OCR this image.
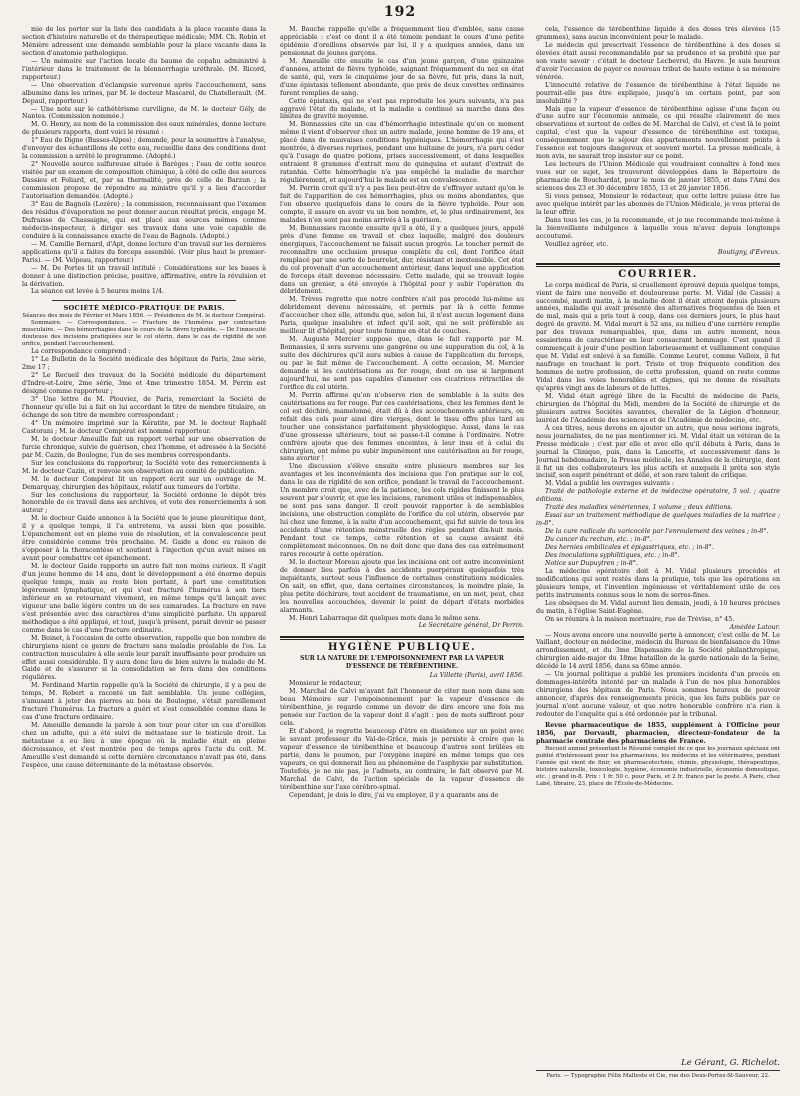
192

mie de les porter sur la liste des candidats à la place vacante dans la section d'histoire naturelle et de thérapeutique médicale; MM. Ch. Robin et Ménière adressent une demande semblable pour la place vacante dans la section d'anatomie pathologique.

— Un mémoire sur l'action locale du baume de copahu administré à l'intérieur dans le traitement de la blennorrhagie uréthrale. (M. Ricord, rapporteur.)

— Une observation d'éclampsie survenue après l'accouchement, sans albumine dans les urines, par M. le docteur Mascarel, de Chatellerault. (M. Depaul, rapporteur.)

— Une note sur le cathétérisme curviligne, de M. le docteur Gély, de Nantes. (Commission nommée.)

M. O. Henry, au nom de la commission des eaux minérales, donne lecture de plusieurs rapports, dont voici le résumé :

1° Eau de Digne (Basses-Alpes) ; demande, pour la soumettre à l'analyse, d'envoyer des échantillons de cette eau, recueillie dans des conditions dont la commission a arrêté le programme. (Adopté.)

2° Nouvelle source sulfureuse située à Barèges ; l'eau de cette source visitée par un examen de composition chimique, à côté de celle des sources Dassieu et Foliard, et, par sa thermalité, près de celle de Barzun ; la commission propose de répondre au ministre qu'il y a lieu d'accorder l'autorisation demandée. (Adopté.)

3° Eau de Bagnols (Lozère) ; la commission, reconnaissant que l'examen des résidus d'évaporation ne peut donner aucun résultat précis, engage M. Dufraisse de Chassaigne, qui est placé aux sources mêmes comme médecin-inspecteur, à diriger ses travaux dans une voie capable de conduire à la connaissance exacte de l'eau de Bagnols. (Adopté.)

— M. Camille Bernard, d'Apt, donne lecture d'un travail sur les dernières applications qu'il a faites du forceps assemblé. (Voir plus haut le premier-Paris). — (M. Velpeau, rapporteur.)

— M. De Portes lit un travail intitulé : Considérations sur les bases à donner à une distinction précise, positive, affirmative, entre la révulsion et la dérivation.

La séance est levée à 5 heures moins 1/4.

SOCIÉTÉ MÉDICO-PRATIQUE DE PARIS.

Séances des mois de Février et Mars 1856. — Présidence de M. le docteur Compérat.

Sommaire. — Correspondance. — Fracture de l'humérus par contraction musculaire. — Des hémorrhagies dans le cours de la fièvre typhoïde. — De l'innocuité douteuse des incisions pratiquées sur le col utérin, dans le cas de rigidité de son orifice, pendant l'accouchement.

La correspondance comprend :

1° Le Bulletin de la Société médicale des hôpitaux de Paris, 2me série, 2me 17 ;

2° Le Recueil des travaux de la Société médicale du département d'Indre-et-Loire, 2me série, 3me et 4me trimestre 1854. M. Perrin est désigné comme rapporteur ;

3° Une lettre de M. Plouviez, de Paris, remerciant la Société de l'honneur qu'elle lui a fait en lui accordant le titre de membre titulaire, en échange de son titre de membre correspondant ;

4° Un mémoire imprimé sur la Kératite, par M. le docteur Raphaël Castorani ; M. le docteur Compérat est nommé rapporteur.

M. le docteur Ameuille fait un rapport verbal sur une observation de furcie chronique, suivie de guérison, chez l'homme, et adressée à la Société par M. Cazin, de Boulogne, l'un de ses membres correspondants.

Sur les conclusions du rapporteur, la Société vote des remerciements à M. le docteur Cazin, et renvoie son observation au comité de publication.

M. le docteur Compérat lit un rapport écrit sur un ouvrage de M. Demarquay, chirurgien des hôpitaux, relatif aux tumeurs de l'orbite.

Sur les conclusions du rapporteur, la Société ordonne le dépôt très honorable de ce travail dans ses archives, et vote des remerciements à son auteur ;

M. le docteur Gaide annonce à la Société que le jeune pleurétique dont, il y a quelque temps, il l'a entretenu, va aussi bien que possible. L'épanchement est en pleine voie de résolution, et la convalescence peut être considérée comme très prochaine. M. Gaide a donc eu raison de s'opposer à la thoracentèse et soutient à l'injection qu'un avait mises en avant pour combattre cet épanchement.

M. le docteur Gaide rapporte un autre fait non moins curieux. Il s'agit d'un jeune homme de 14 ans, dont le développement a été énorme depuis quelque temps, mais au reste bien portant, à part une constitution légèrement lymphatique, et qui s'est fracturé l'humérus à son tiers inférieur en se retournant vivement, en même temps qu'il lançait avec vigueur une balle légère contre un de ses camarades. La fracture en rave s'est présentée avec des caractères d'une simplicité parfaite. Un appareil méthodique a été appliqué, et tout, jusqu'à présent, parait devoir se passer comme dans le cas d'une fracture ordinaire.

M. Boinet, à l'occasion de cette observation, rappelle que bon nombre de chirurgiens nient ce genre de fracture sans maladie préalable de l'os. La contraction musculaire à elle seule leur paraît insuffisante pour produire un effet aussi considérable. Il y aura donc lieu de bien suivre le malade de M. Gaide et de s'assurer si la consolidation se fera dans des conditions régulières.

M. Ferdinand Martin rappelle qu'à la Société de chirurgie, il y a peu de temps, M. Robert a raconté un fait semblable. Un jeune collégien, s'amusant à jeter des pierres au bois de Boulogne, s'était pareillement fracturé l'humérus. La fracture a guéri et s'est consolidée comme dans le cas d'une fracture ordinaire.

M. Ameuille demande la parole à son tour pour citer un cas d'oreillon chez un adulte, qui a été suivi de métastase sur le testicule droit. La métastase a eu lieu à une époque où la maladie était en pleine décroissance, et s'est montrée peu de temps après l'acte du coït. M. Ameuille s'est demandé si cette dernière circonstance n'avait pas été, dans l'espèce, une cause déterminante de la métastase observée.

M. Bauche rappelle qu'elle a fréquemment lieu d'emblée, sans cause appréciable : c'est ce dont il a été témoin pendant le cours d'une petite épidémie d'oreillons observée par lui, il y a quelques années, dans un pensionnat de jeunes garçons.

M. Ameuille cite ensuite le cas d'un jeune garçon, d'une quinzaine d'années, atteint de fièvre typhoïde, saignant fréquemment du nez en état de santé, qui, vers le cinquième jour de sa fièvre, fut pris, dans la nuit, d'une épistaxis tellement abondante, que près de deux cuvettes ordinaires furent remplies de sang.

Cette épistaxis, qui ne s'est pas reproduite les jours suivants, n'a pas aggravé l'état du malade, et la maladie a continué sa marche dans des limites de gravité moyenne.

M. Bonnassies cite un cas d'hémorrhagie intestinale qu'en ce moment même il vient d'observer chez un autre malade, jeune homme de 19 ans, et placé dans de mauvaises conditions hygiéniques. L'hémorrhagie qui s'est montrée, à diverses reprises, pendant une huitaine de jours, n'a paru céder qu'à l'usage de quatre potions, prises successivement, et dans lesquelles entraient 8 grammes d'extrait mou de quinquina et autant d'extrait de ratanhia. Cette hémorrhagie n'a pas empêché la maladie de marcher régulièrement, et aujourd'hui le malade est en convalescence.

M. Perrin croit qu'il n'y a pas lieu peut-être de s'effrayer autant qu'on le fait de l'apparition de ces hémorrhagies, plus ou moins abondantes, que l'on observe quelquefois dans le cours de la fièvre typhoïde. Pour son compte, il assure en avoir vu un bon nombre, et, le plus ordinairement, les malades n'en sont pas moins arrivés à la guérison.

M. Bonnassies raconte ensuite qu'il a été, il y a quelques jours, appelé près d'une femme en travail et chez laquelle, malgré des douleurs énergiques, l'accouchement ne faisait aucun progrès. Le toucher permit de reconnaître une occlusion presque complète du col, dont l'orifice était remplacé par une sorte de bourrelet, dur, résistant et inextensible. Cet état du col provenait d'un accouchement antérieur, dans lequel une application de forceps était devenue nécessaire. Cette malade, qui se trouvait logée dans un grenier, a été envoyée à l'hôpital pour y subir l'opération du débridement.

M. Trèves regrette que notre confrère n'ait pas procédé lui-même au débridement devenu nécessaire, et permis par là à cette femme d'accoucher chez elle, attendu que, selon lui, il n'est aucun logement dans Paris, quelque insalubre et infect qu'il soit, qui ne soit préférable au meilleur lit d'hôpital, pour toute femme en état de couches.

M. Auguste Mercier suppose que, dans le fait rapporté par M. Bonnassies, il sera survenu une gangrène ou une suppuration du col, à la suite des déchirures qu'il aura subies à cause de l'application du forceps, ou par le fait même de l'accouchement. À cette occasion, M. Mercier demande si les cautérisations au fer rouge, dont on use si largement aujourd'hui, ne sont pas capables d'amener ces cicatrices rétractiles de l'orifice du col utérin.

M. Perrin affirme qu'on n'observe rien de semblable à la suite des cautérisations au fer rouge. Par ces cautérisations, chez les femmes dont le col est déchiré, mamelonné, était dû à des accouchements antérieurs, on refait des cols pour ainsi dire vierges, dont le tissu offre plus tard au toucher une consistance parfaitement physiologique. Aussi, dans le cas d'une grossesse ultérieure, tout se passe-t-il comme à l'ordinaire. Notre confrère ajoute que des femmes enceintes, à leur insu et à celui du chirurgien, ont même pu subir impunément une cautérisation au fer rouge, sans avorter !

Une discussion s'élève ensuite entre plusieurs membres sur les avantages et les inconvénients des incisions que l'on pratique sur le col, dans le cas de rigidité de son orifice, pendant le travail de l'accouchement. Un membre croit que, avec de la patience, les cols rigides finissent le plus souvent par s'ouvrir, et que les incisions, rarement utiles et indispensables, ne sont pas sans danger. Il croit pouvoir rapporter à de semblables incisions, une obstruction complète de l'orifice du col utérin, observée par lui chez une femme, à la suite d'un accouchement, qui fut suivie de tous les accidents d'une rétention ménstruelle des règles pendant dix-huit mois. Pendant tout ce temps, cette rétention et sa cause avaient été complètement méconnues. On ne doit donc que dans des cas extrêmement rares recourir à cette opération.

M. le docteur Moreau ajoute que les incisions ont cet autre inconvénient de donner lieu parfois à des accidents puerpéraux quelquefois très inquiétants, surtout sous l'influence de certaines constitutions médicales. On sait, en effet, que, dans certaines circonstances, la moindre plaie, la plus petite déchirure, tout accident de traumatisme, en un mot, peut, chez les nouvelles accouchées, devenir le point de départ d'états morbides alarmants.

M. Henri Labarraque dit quelques mots dans le même sens.

Le Secrétaire général, Dr Perrin.

HYGIÈNE PUBLIQUE.
SUR LA NATURE DE L'EMPOISONNEMENT PAR LA VAPEUR D'ESSENCE DE TÉRÉBENTHINE.

La Villette (Paris), avril 1856.

Monsieur le rédacteur,

M. Marchal de Calvi m'ayant fait l'honneur de citer mon nom dans son beau Mémoire sur l'empoisonnement par la vapeur d'essence de térébenthine, je regarde comme un devoir de dire encore une fois ma pensée sur l'action de la vapeur dont il s'agit : peu de mots suffiront pour cela.

Et d'abord, je regrette beaucoup d'être en dissidence sur un point avec le savant professeur du Val-de-Grâce, mais je persiste à croire que la vapeur d'essence de térébenthine et beaucoup d'autres sont brûlées en partie, dans le poumon, par l'oxygène inspiré en même temps que ces vapeurs, ce qui donnerait lieu au phénomène de l'asphyxie par substitution. Toutefois, je ne nie pas, je l'admets, au contraire, le fait observé par M. Marchal de Calvi, de l'action spéciale de la vapeur d'essence de térébenthine sur l'axe cérébro-spinal.

Cependant, je dois le dire, j'ai vu employer, il y a quarante ans de

cela, l'essence de térébenthine liquide à des doses très élevées (15 grammes), sans aucun inconvénient pour le malade.

Le médecin qui prescrivait l'essence de térébenthine à des doses si élevées était aussi recommandable par sa prudence et sa probité que par son vaste savoir : c'était le docteur Lecbevrel, du Havre. Je suis heureux d'avoir l'occasion de payer ce nouveau tribut de haute estime à sa mémoire vénérée.

L'innocuité relative de l'essence de térébenthine à l'état liquide ne pourrait-elle pas être expliquée, jusqu'à un certain point, par son insolubilité ?

Mais que la vapeur d'essence de térébenthine agisse d'une façon ou d'une autre sur l'économie animale, ce qui résulte clairement de mes observations et surtout de celles de M. Marchal de Calvi, et c'est là le point capital, c'est que la vapeur d'essence de térébenthine est toxique, conséquemment que le séjour des appartements nouvellement peints à l'essence est toujours dangereux et souvent mortel. La presse médicale, à mon avis, ne saurait trop insister sur ce point.

Les lecteurs de l'Union Médicale qui voudraient connaître à fond mes vues sur ce sujet, les trouveront développées dans le Répertoire de pharmacie de Bouchardat, pour le mois de janvier 1855, et dans l'Ami des sciences des 23 et 30 décembre 1855, 13 et 20 janvier 1856.

Si vous pensez, Monsieur le rédacteur, que cette lettre puisse être lue avec quelque intérêt par les abonnés de l'Union Médicale, je vous prierai de la leur offrir.

Dans tous les cas, je la recommande, et je me recommande moi-même à la bienveillante indulgence à laquelle vous m'avez depuis longtemps accoutumé.

Veuillez agréer, etc.

Boutigny, d'Evreux.

COURRIER.

Le corps médical de Paris, si cruellement éprouvé depuis quelque temps, vient de faire une nouvelle et douloureuse perte. M. Vidal (de Cassis) a succombé, mardi matin, à la maladie dont il était atteint depuis plusieurs années, maladie qui avait présenté des alternatives fréquentes de bien et de mal, mais qui a pris tout à coup, dans ces derniers jours, le plus haut degré de gravité. M. Vidal meurt à 52 ans, au milieu d'une carrière remplie par des travaux remarquables, que, dans un autre moment, nous essaierions de caractériser en leur consacrant hommage. C'est quand il commençait à jouir d'une position laborieusement et vaillamment conquise que M. Vidal est enlevé à sa famille. Comme Leuret, comme Valleix, il fut naufrage en touchant le port. Triste et trop fréquente condition des hommes de notre profession, de cette profession, quand on reste comme Vidal dans les voies honorables et dignes, qui ne donne de résultats qu'après vingt ans de labeurs et de luttes.

M. Vidal était agrégé libre de la Faculté de médecine de Paris, chirurgien de l'hôpital du Midi, membre de la Société de chirurgie et de plusieurs autres Sociétés savantes, chevalier de la Légion d'honneur, lauréat de l'Académie des sciences et de l'Académie de médecine, etc.

À ces titres, nous devons en ajouter un autre, que nous serions ingrats, nous journalistes, de ne pas mentionner ici. M. Vidal était un vétéran de la Presse médicale ; c'est par elle et avec elle qu'il débuta à Paris, dans le journal la Clinique, puis, dans la Lancette, et successivement dans le Journal hebdomadaire, la Presse médicale, les Annales de la chirurgie, dont il fut un des collaborateurs les plus actifs et auxquels il prêta son style incisif, son esprit pénétrant et délié, et son rare talent de critique.

M. Vidal a publié les ouvrages suivants :

Traité de pathologie externe et de médecine opératoire, 5 vol. ; quatre éditions.

Traité des maladies vénériennes, 1 volume ; deux éditions.

Essai sur un traitement méthodique de quelques maladies de la matrice ; in-8°.

De la cure radicale du varicocèle par l'enroulement des veines ; in-8°.

Du cancer du rectum, etc. ; in-8°.

Des hernies ombilicales et épigastriques, etc. ; in-8°.

Des inoculations syphilitiques, etc. ; in-8°.

Notice sur Dupuytren ; in-8°.

La médecine opératoire doit à M. Vidal plusieurs procédés et modifications qui sont restés dans la pratique, tels que les opérations en plusieurs temps, et l'invention ingénieuse et véritablement utile de ces petits instruments connus sous le nom de serres-fines.

Les obsèques de M. Vidal auront lieu demain, jeudi, à 10 heures précises du matin, à l'église Saint-Eugène.

On se réunira à la maison mortuaire, rue de Trévise, n° 45.

Amédée Latour.

— Nous avons encore une nouvelle perte à annoncer, c'est celle de M. Le Vaillant, docteur en médecine, médecin du Bureau de bienfaisance du 10me arrondissement, et du 3me Dispensaire de la Société philanthropique, chirurgien aide-major du 18me bataillon de la garde nationale de la Seine, décédé le 14 avril 1856, dans sa 65me année.

— Un journal politique a publié les premiers incidents d'un procès en dommages-intérêts intenté par un malade à l'un de nos plus honorables chirurgiens des hôpitaux de Paris. Nous sommes heureux de pouvoir annoncer, d'après des renseignements précis, que les faits publiés par ce journal n'ont aucune valeur, et que notre honorable confrère n'a rien à redouter de l'enquête qui a été ordonnée par le tribunal.

Revue pharmaceutique de 1855, supplément à l'Officine pour 1856, par Dorvault, pharmacien, directeur-fondateur de la pharmacie centrale des pharmaciens de France.

Recueil annuel présentant le Résumé complet de ce que les journaux spéciaux ont publié d'intéressant pour les pharmaciens, les médecins et les vétérinaires, pendant l'année qui vient de finir, en pharmacotechnie, chimie, physiologie, thérapeutique, histoire naturelle, toxicologie, hygiène, économie industrielle, économie domestique, etc. ; grand in-8. Prix : 1 fr. 50 c. pour Paris, et 2 fr. franco par la poste. A Paris, chez Labé, libraire, 23, place de l'École-de-Médecine.

Le Gérant, G. Richelot.
Paris. — Typographie Félix Malteste et Cie, rue des Deux-Portes-St-Sauveur, 22.
